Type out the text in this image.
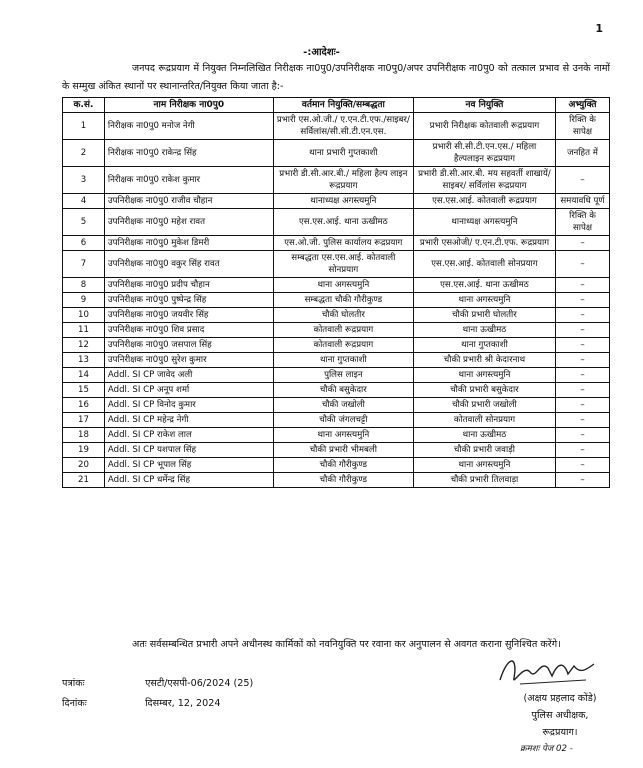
1
-:आदेशः-
जनपद रूद्रप्रयाग में नियुक्त निम्नलिखित निरीक्षक ना0पु0/उपनिरीक्षक ना0पु0/अपर उपनिरीक्षक ना0पु0 को तत्काल प्रभाव से उनके नामों के सम्मुख अंकित स्थानों पर स्थानान्तरित/नियुक्त किया जाता है:-
क.सं.	नाम निरीक्षक ना0पु0	वर्तमान नियुक्ति/सम्बद्धता	नव नियुक्ति	अभ्युक्ति
1	निरीक्षक ना0पु0 मनोज नेगी	प्रभारी एस.ओ.जी./ ए.एन.टी.एफ./साइबर/ सर्विलांस/सी.सी.टी.एन.एस.	प्रभारी निरीक्षक कोतवाली रूद्रप्रयाग	रिक्ति के सापेक्ष
2	निरीक्षक ना0पु0 राकेन्द्र सिंह	थाना प्रभारी गुप्तकाशी	प्रभारी सी.सी.टी.एन.एस./ महिला हैल्पलाइन रूद्रप्रयाग	जनहित में
3	निरीक्षक ना0पु0 राकेश कुमार	प्रभारी डी.सी.आर.बी./ महिला हैल्प लाइन रूद्रप्रयाग	प्रभारी डी.सी.आर.बी. मय सहवर्ती शाखायें/साइबर/ सर्विलांस रूद्रप्रयाग	–
4	उपनिरीक्षक ना0पु0 राजीव चौहान	थानाध्यक्ष अगस्त्यमुनि	एस.एस.आई. कोतवाली रूद्रप्रयाग	समयावधि पूर्ण
5	उपनिरीक्षक ना0पु0 महेश रावत	एस.एस.आई. थाना ऊखीमठ	थानाध्यक्ष अगस्त्यमुनि	रिक्ति के सापेक्ष
6	उपनिरीक्षक ना0पु0 मुकेश डिमरी	एस.ओ.जी. पुलिस कार्यालय रूद्रप्रयाग	प्रभारी एसओजी/ ए.एन.टी.एफ. रूद्रप्रयाग	–
7	उपनिरीक्षक ना0पु0 वकुर सिंह रावत	सम्बद्धता एस.एस.आई. कोतवाली सोनप्रयाग	एस.एस.आई. कोतवाली सोनप्रयाग	–
8	उपनिरीक्षक ना0पु0 प्रदीप चौहान	थाना अगस्त्यमुनि	एस.एस.आई. थाना ऊखीमठ	–
9	उपनिरीक्षक ना0पु0 पुष्पेन्द्र सिंह	सम्बद्धता चौकी गौरीकुण्ड	थाना अगस्त्यमुनि	–
10	उपनिरीक्षक ना0पु0 जयवीर सिंह	चौकी घोलतीर	चौकी प्रभारी घोलतीर	–
11	उपनिरीक्षक ना0पु0 शिव प्रसाद	कोतवाली रूद्रप्रयाग	थाना ऊखीमठ	–
12	उपनिरीक्षक ना0पु0 जसपाल सिंह	कोतवाली रूद्रप्रयाग	थाना गुप्तकाशी	–
13	उपनिरीक्षक ना0पु0 सुरेश कुमार	थाना गुप्तकाशी	चौकी प्रभारी श्री केदारनाथ	–
14	Addl. SI CP जावेद अली	पुलिस लाइन	थाना अगस्त्यमुनि	–
15	Addl. SI CP अनूप शर्मा	चौकी बसुकेदार	चौकी प्रभारी बसुकेदार	–
16	Addl. SI CP विनोद कुमार	चौकी जखोली	चौकी प्रभारी जखोली	–
17	Addl. SI CP महेन्द्र नेगी	चौकी जंगलचट्टी	कोतवाली सोनप्रयाग	–
18	Addl. SI CP राकेश लाल	थाना अगस्त्यमुनि	थाना ऊखीमठ	–
19	Addl. SI CP यशपाल सिंह	चौकी प्रभारी भीमबली	चौकी प्रभारी जवाड़ी	–
20	Addl. SI CP भूपाल सिंह	चौकी गौरीकुण्ड	थाना अगस्त्यमुनि	–
21	Addl. SI CP धर्मेन्द्र सिंह	चौकी गौरीकुण्ड	चौकी प्रभारी तिलवाड़ा	–
अतः सर्वसम्बन्धित प्रभारी अपने अधीनस्थ कार्मिकों को नवनियुक्ति पर रवाना कर अनुपालन से अवगत कराना सुनिश्चित करेंगे।
पत्रांकः	एसटी/एसपी-06/2024 (25)
दिनांकः	दिसम्बर, 12, 2024	(अक्षय प्रहलाद कोंडे)
पुलिस अधीक्षक,
रूद्रप्रयाग।
क्रमशः पेज 02 -
